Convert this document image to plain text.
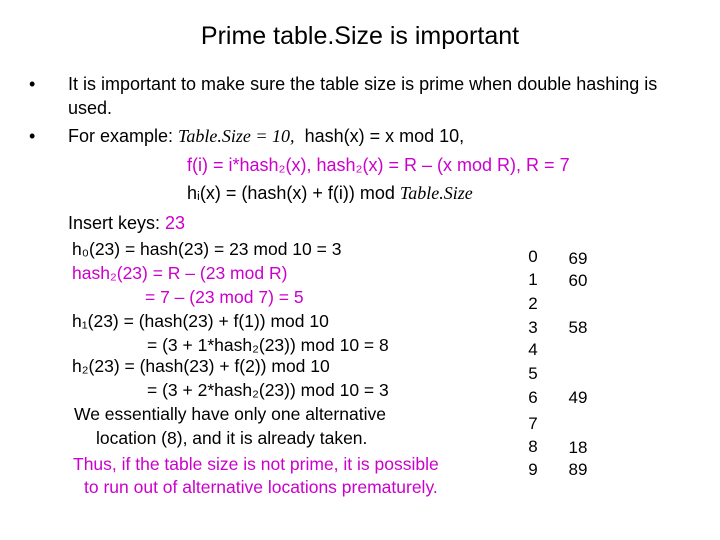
Prime table.Size is important
• It is important to make sure the table size is prime when double hashing is
used.
• For example: Table.Size = 10, hash(x) = x mod 10,
f(i) = i*hash₂(x), hash₂(x) = R – (x mod R), R = 7
hᵢ(x) = (hash(x) + f(i)) mod Table.Size
Insert keys: 23
h₀(23) = hash(23) = 23 mod 10 = 3
hash₂(23) = R – (23 mod R)
= 7 – (23 mod 7) = 5
h₁(23) = (hash(23) + f(1)) mod 10
= (3 + 1*hash₂(23)) mod 10 = 8
h₂(23) = (hash(23) + f(2)) mod 10
= (3 + 2*hash₂(23)) mod 10 = 3
We essentially have only one alternative
location (8), and it is already taken.
Thus, if the table size is not prime, it is possible
to run out of alternative locations prematurely.
0
1
2
3
4
5
6
7
8
9
69
60
58
49
18
89
